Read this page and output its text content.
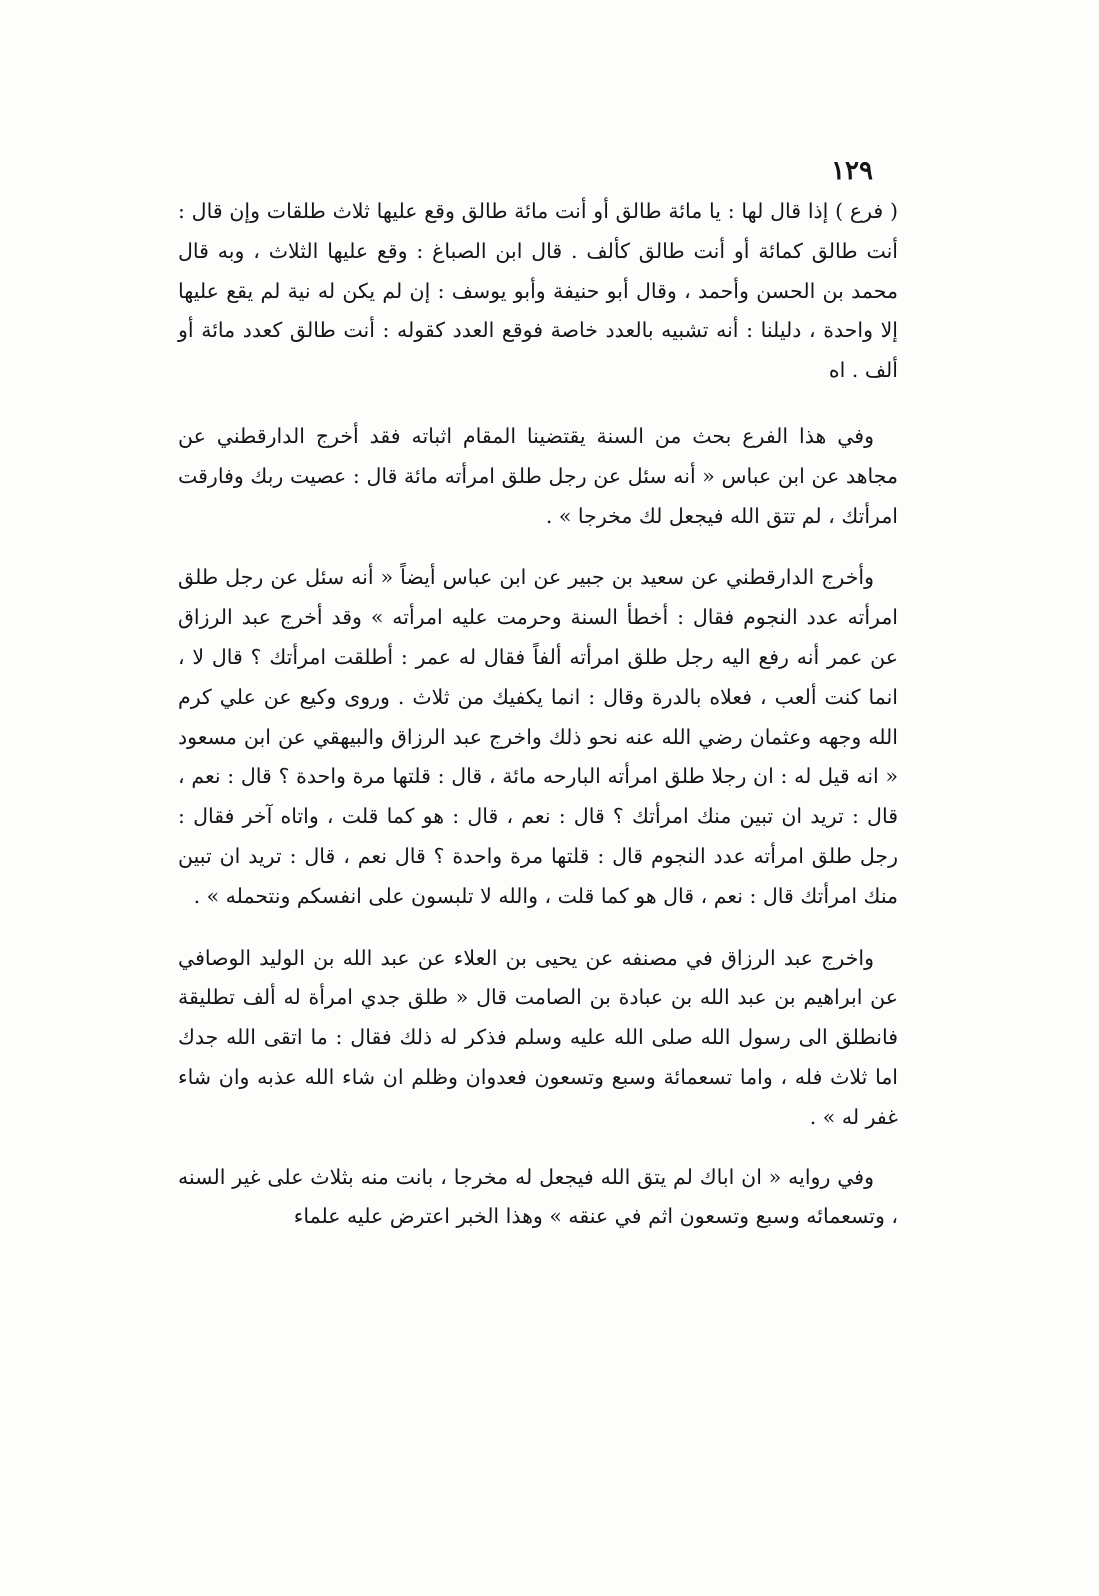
١٢٩

( فرع ) إذا قال لها : يا مائة طالق أو أنت مائة طالق وقع عليها ثلاث طلقات وإن قال : أنت طالق كمائة أو أنت طالق كألف . قال ابن الصباغ : وقع عليها الثلاث ، وبه قال محمد بن الحسن وأحمد ، وقال أبو حنيفة وأبو يوسف : إن لم يكن له نية لم يقع عليها إلا واحدة ، دليلنا : أنه تشبيه بالعدد خاصة فوقع العدد كقوله : أنت طالق كعدد مائة أو ألف . اه

وفي هذا الفرع بحث من السنة يقتضينا المقام اثباته فقد أخرج الدارقطني عن مجاهد عن ابن عباس « أنه سئل عن رجل طلق امرأته مائة قال : عصيت ربك وفارقت امرأتك ، لم تتق الله فيجعل لك مخرجا » .

وأخرج الدارقطني عن سعيد بن جبير عن ابن عباس أيضاً « أنه سئل عن رجل طلق امرأته عدد النجوم فقال : أخطأ السنة وحرمت عليه امرأته » وقد أخرج عبد الرزاق عن عمر أنه رفع اليه رجل طلق امرأته ألفاً فقال له عمر : أطلقت امرأتك ؟ قال لا ، انما كنت ألعب ، فعلاه بالدرة وقال : انما يكفيك من ثلاث . وروى وكيع عن علي كرم الله وجهه وعثمان رضي الله عنه نحو ذلك واخرج عبد الرزاق والبيهقي عن ابن مسعود « انه قيل له : ان رجلا طلق امرأته البارحه مائة ، قال : قلتها مرة واحدة ؟ قال : نعم ، قال : تريد ان تبين منك امرأتك ؟ قال : نعم ، قال : هو كما قلت ، واتاه آخر فقال : رجل طلق امرأته عدد النجوم قال : قلتها مرة واحدة ؟ قال نعم ، قال : تريد ان تبين منك امرأتك قال : نعم ، قال هو كما قلت ، والله لا تلبسون على انفسكم ونتحمله » .

واخرج عبد الرزاق في مصنفه عن يحيى بن العلاء عن عبد الله بن الوليد الوصافي عن ابراهيم بن عبد الله بن عبادة بن الصامت قال « طلق جدي امرأة له ألف تطليقة فانطلق الى رسول الله صلى الله عليه وسلم فذكر له ذلك فقال : ما اتقى الله جدك اما ثلاث فله ، واما تسعمائة وسبع وتسعون فعدوان وظلم ان شاء الله عذبه وان شاء غفر له » .

وفي روايه « ان اباك لم يتق الله فيجعل له مخرجا ، بانت منه بثلاث على غير السنه ، وتسعمائه وسبع وتسعون اثم في عنقه » وهذا الخبر اعترض عليه علماء
